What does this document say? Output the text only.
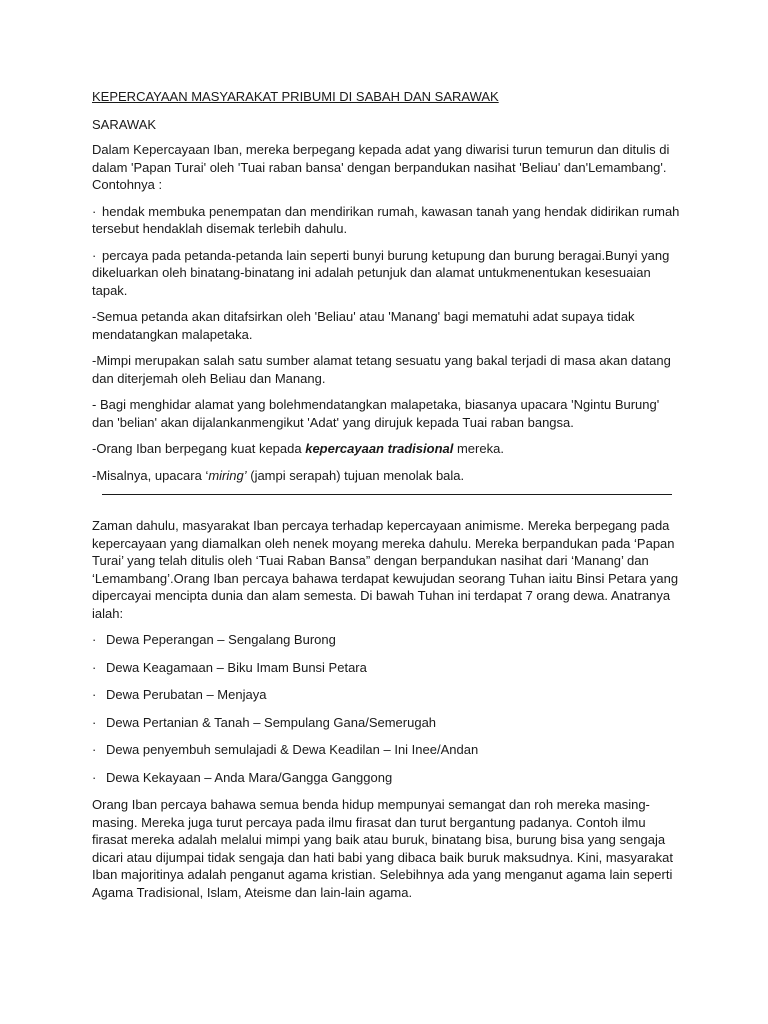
KEPERCAYAAN MASYARAKAT PRIBUMI DI SABAH DAN SARAWAK

SARAWAK

Dalam Kepercayaan Iban, mereka berpegang kepada adat yang diwarisi turun temurun dan ditulis di dalam 'Papan Turai' oleh 'Tuai raban bansa' dengan berpandukan nasihat 'Beliau' dan'Lemambang'. Contohnya :

· hendak membuka penempatan dan mendirikan rumah, kawasan tanah yang hendak didirikan rumah tersebut hendaklah disemak terlebih dahulu.

· percaya pada petanda-petanda lain seperti bunyi burung ketupung dan burung beragai.Bunyi yang dikeluarkan oleh binatang-binatang ini adalah petunjuk dan alamat untukmenentukan kesesuaian tapak.

-Semua petanda akan ditafsirkan oleh 'Beliau' atau 'Manang' bagi mematuhi adat supaya tidak mendatangkan malapetaka.

-Mimpi merupakan salah satu sumber alamat tetang sesuatu yang bakal terjadi di masa akan datang dan diterjemah oleh Beliau dan Manang.

- Bagi menghidar alamat yang bolehmendatangkan malapetaka, biasanya upacara 'Ngintu Burung' dan 'belian' akan dijalankanmengikut 'Adat' yang dirujuk kepada Tuai raban bangsa.

-Orang Iban berpegang kuat kepada kepercayaan tradisional mereka.

-Misalnya, upacara ‘miring’ (jampi serapah) tujuan menolak bala.

Zaman dahulu, masyarakat Iban percaya terhadap kepercayaan animisme. Mereka berpegang pada kepercayaan yang diamalkan oleh nenek moyang mereka dahulu. Mereka berpandukan pada ‘Papan Turai’ yang telah ditulis oleh ‘Tuai Raban Bansa” dengan berpandukan nasihat dari ‘Manang’ dan ‘Lemambang’.Orang Iban percaya bahawa terdapat kewujudan seorang Tuhan iaitu Binsi Petara yang dipercayai mencipta dunia dan alam semesta. Di bawah Tuhan ini terdapat 7 orang dewa. Anatranya ialah:

· Dewa Peperangan – Sengalang Burong
· Dewa Keagamaan – Biku Imam Bunsi Petara
· Dewa Perubatan – Menjaya
· Dewa Pertanian & Tanah – Sempulang Gana/Semerugah
· Dewa penyembuh semulajadi & Dewa Keadilan – Ini Inee/Andan
· Dewa Kekayaan – Anda Mara/Gangga Ganggong

Orang Iban percaya bahawa semua benda hidup mempunyai semangat dan roh mereka masing-masing. Mereka juga turut percaya pada ilmu firasat dan turut bergantung padanya. Contoh ilmu firasat mereka adalah melalui mimpi yang baik atau buruk, binatang bisa, burung bisa yang sengaja dicari atau dijumpai tidak sengaja dan hati babi yang dibaca baik buruk maksudnya. Kini, masyarakat Iban majoritinya adalah penganut agama kristian. Selebihnya ada yang menganut agama lain seperti Agama Tradisional, Islam, Ateisme dan lain-lain agama.
